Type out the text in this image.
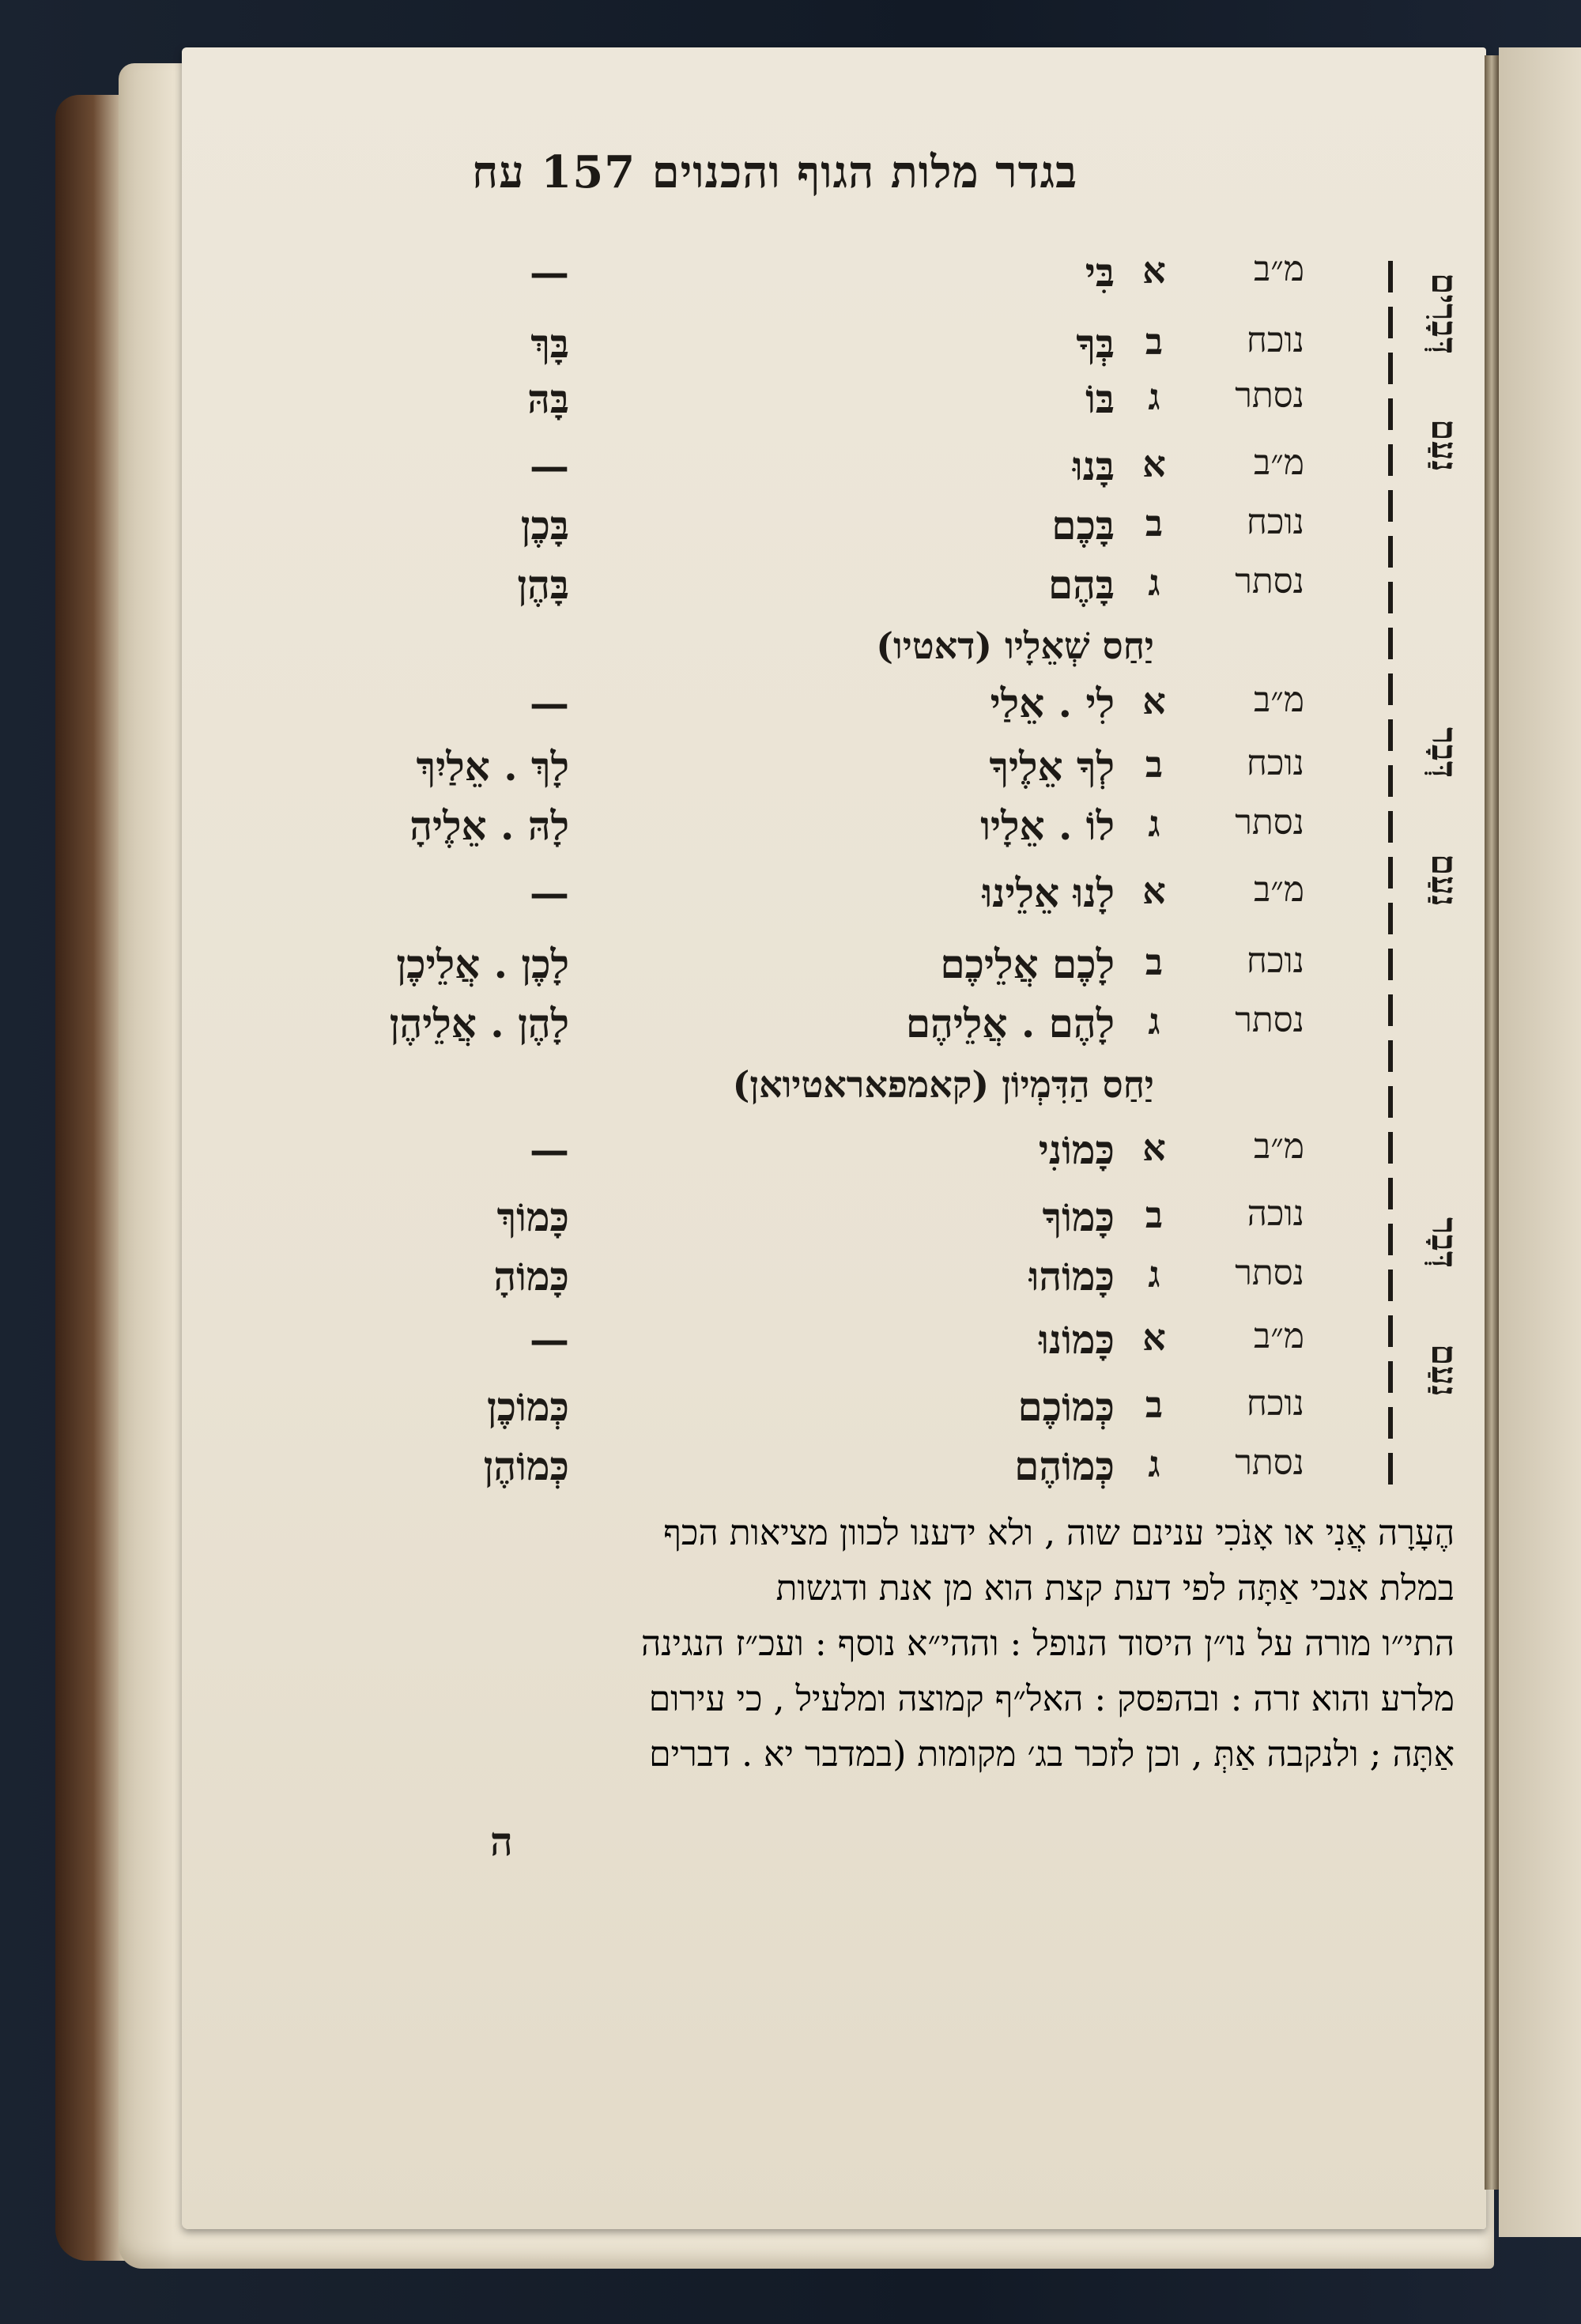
בגדר מלות הגוף והכנוים 157 עח
מ״ב
א
בִּי
—
נוכח
ב
בְּךָ
בָּךְ
נסתר
ג
בּוֹ
בָּהּ
מ״ב
א
בָּנוּ
—
נוכח
ב
בָּכֶם
בָּכֶן
נסתר
ג
בָּהֶם
בָּהֶן
מ״ב
א
לִי . אֵלַי
—
נוכח
ב
לְךָ אֵלֶיךָ
לָךְ . אֵלַיִךְ
נסתר
ג
לוֹ . אֵלָיו
לָהּ . אֵלֶיהָ
מ״ב
א
לָנוּ אֵלֵינוּ
—
נוכח
ב
לָכֶם אֲלֵיכֶם
לָכֶן . אֲלֵיכֶן
נסתר
ג
לָהֶם . אֲלֵיהֶם
לָהֶן . אֲלֵיהֶן
מ״ב
א
כָּמוֹנִי
—
נוכה
ב
כָּמוֹךָ
כָּמוֹךְ
נסתר
ג
כָּמוֹהוּ
כָּמוֹהָ
מ״ב
א
כָּמוֹנוּ
—
נוכח
ב
כְּמוֹכֶם
כְּמוֹכֶן
נסתר
ג
כְּמוֹהֶם
כְּמוֹהֶן
דְּבָרִים
נַעַם
דְּבָר
נַעַם
דְּבָר
נַעַם
יַחַס שְׁאֵלָיו (דאטיו)
יַחַס הַדִּמְיוֹן (קאמפאראטיואן)
הֶעָרָה אֲנִי או אָנֹכִי ענינם שוה , ולא ידענו לכוון מציאות הכף
במלת אנכי אַתָּה לפי דעת קצת הוא מן אנת ודגשות
התי״ו מורה על נו״ן היסוד הנופל : וההי״א נוסף : ועכ״ז הנגינה
מלרע והוא זרה : ובהפסק : האל״ף קמוצה ומלעיל , כי עירום
אַתָּה ; ולנקבה אַתְּ , וכן לזכר בג׳ מקומות (במדבר יא . דברים
ה
